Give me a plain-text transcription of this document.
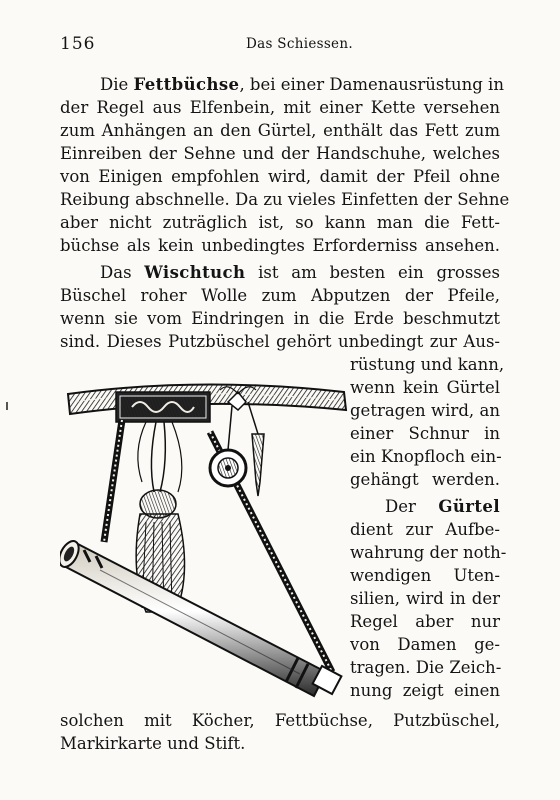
156	Das Schiessen.
Die Fettbüchse, bei einer Damenausrüstung in
der Regel aus Elfenbein, mit einer Kette versehen
zum Anhängen an den Gürtel, enthält das Fett zum
Einreiben der Sehne und der Handschuhe, welches
von Einigen empfohlen wird, damit der Pfeil ohne
Reibung abschnelle. Da zu vieles Einfetten der Sehne
aber nicht zuträglich ist, so kann man die Fett-
büchse als kein unbedingtes Erforderniss ansehen.
Das Wischtuch ist am besten ein grosses
Büschel roher Wolle zum Abputzen der Pfeile,
wenn sie vom Eindringen in die Erde beschmutzt
sind. Dieses Putzbüschel gehört unbedingt zur Aus-
rüstung und kann,
wenn kein Gürtel
getragen wird, an
einer Schnur in
ein Knopfloch ein-
gehängt werden.
Der Gürtel
dient zur Aufbe-
wahrung der noth-
wendigen Uten-
silien, wird in der
Regel aber nur
von Damen ge-
tragen. Die Zeich-
nung zeigt einen
solchen mit Köcher, Fettbüchse, Putzbüschel,
Markirkarte und Stift.
